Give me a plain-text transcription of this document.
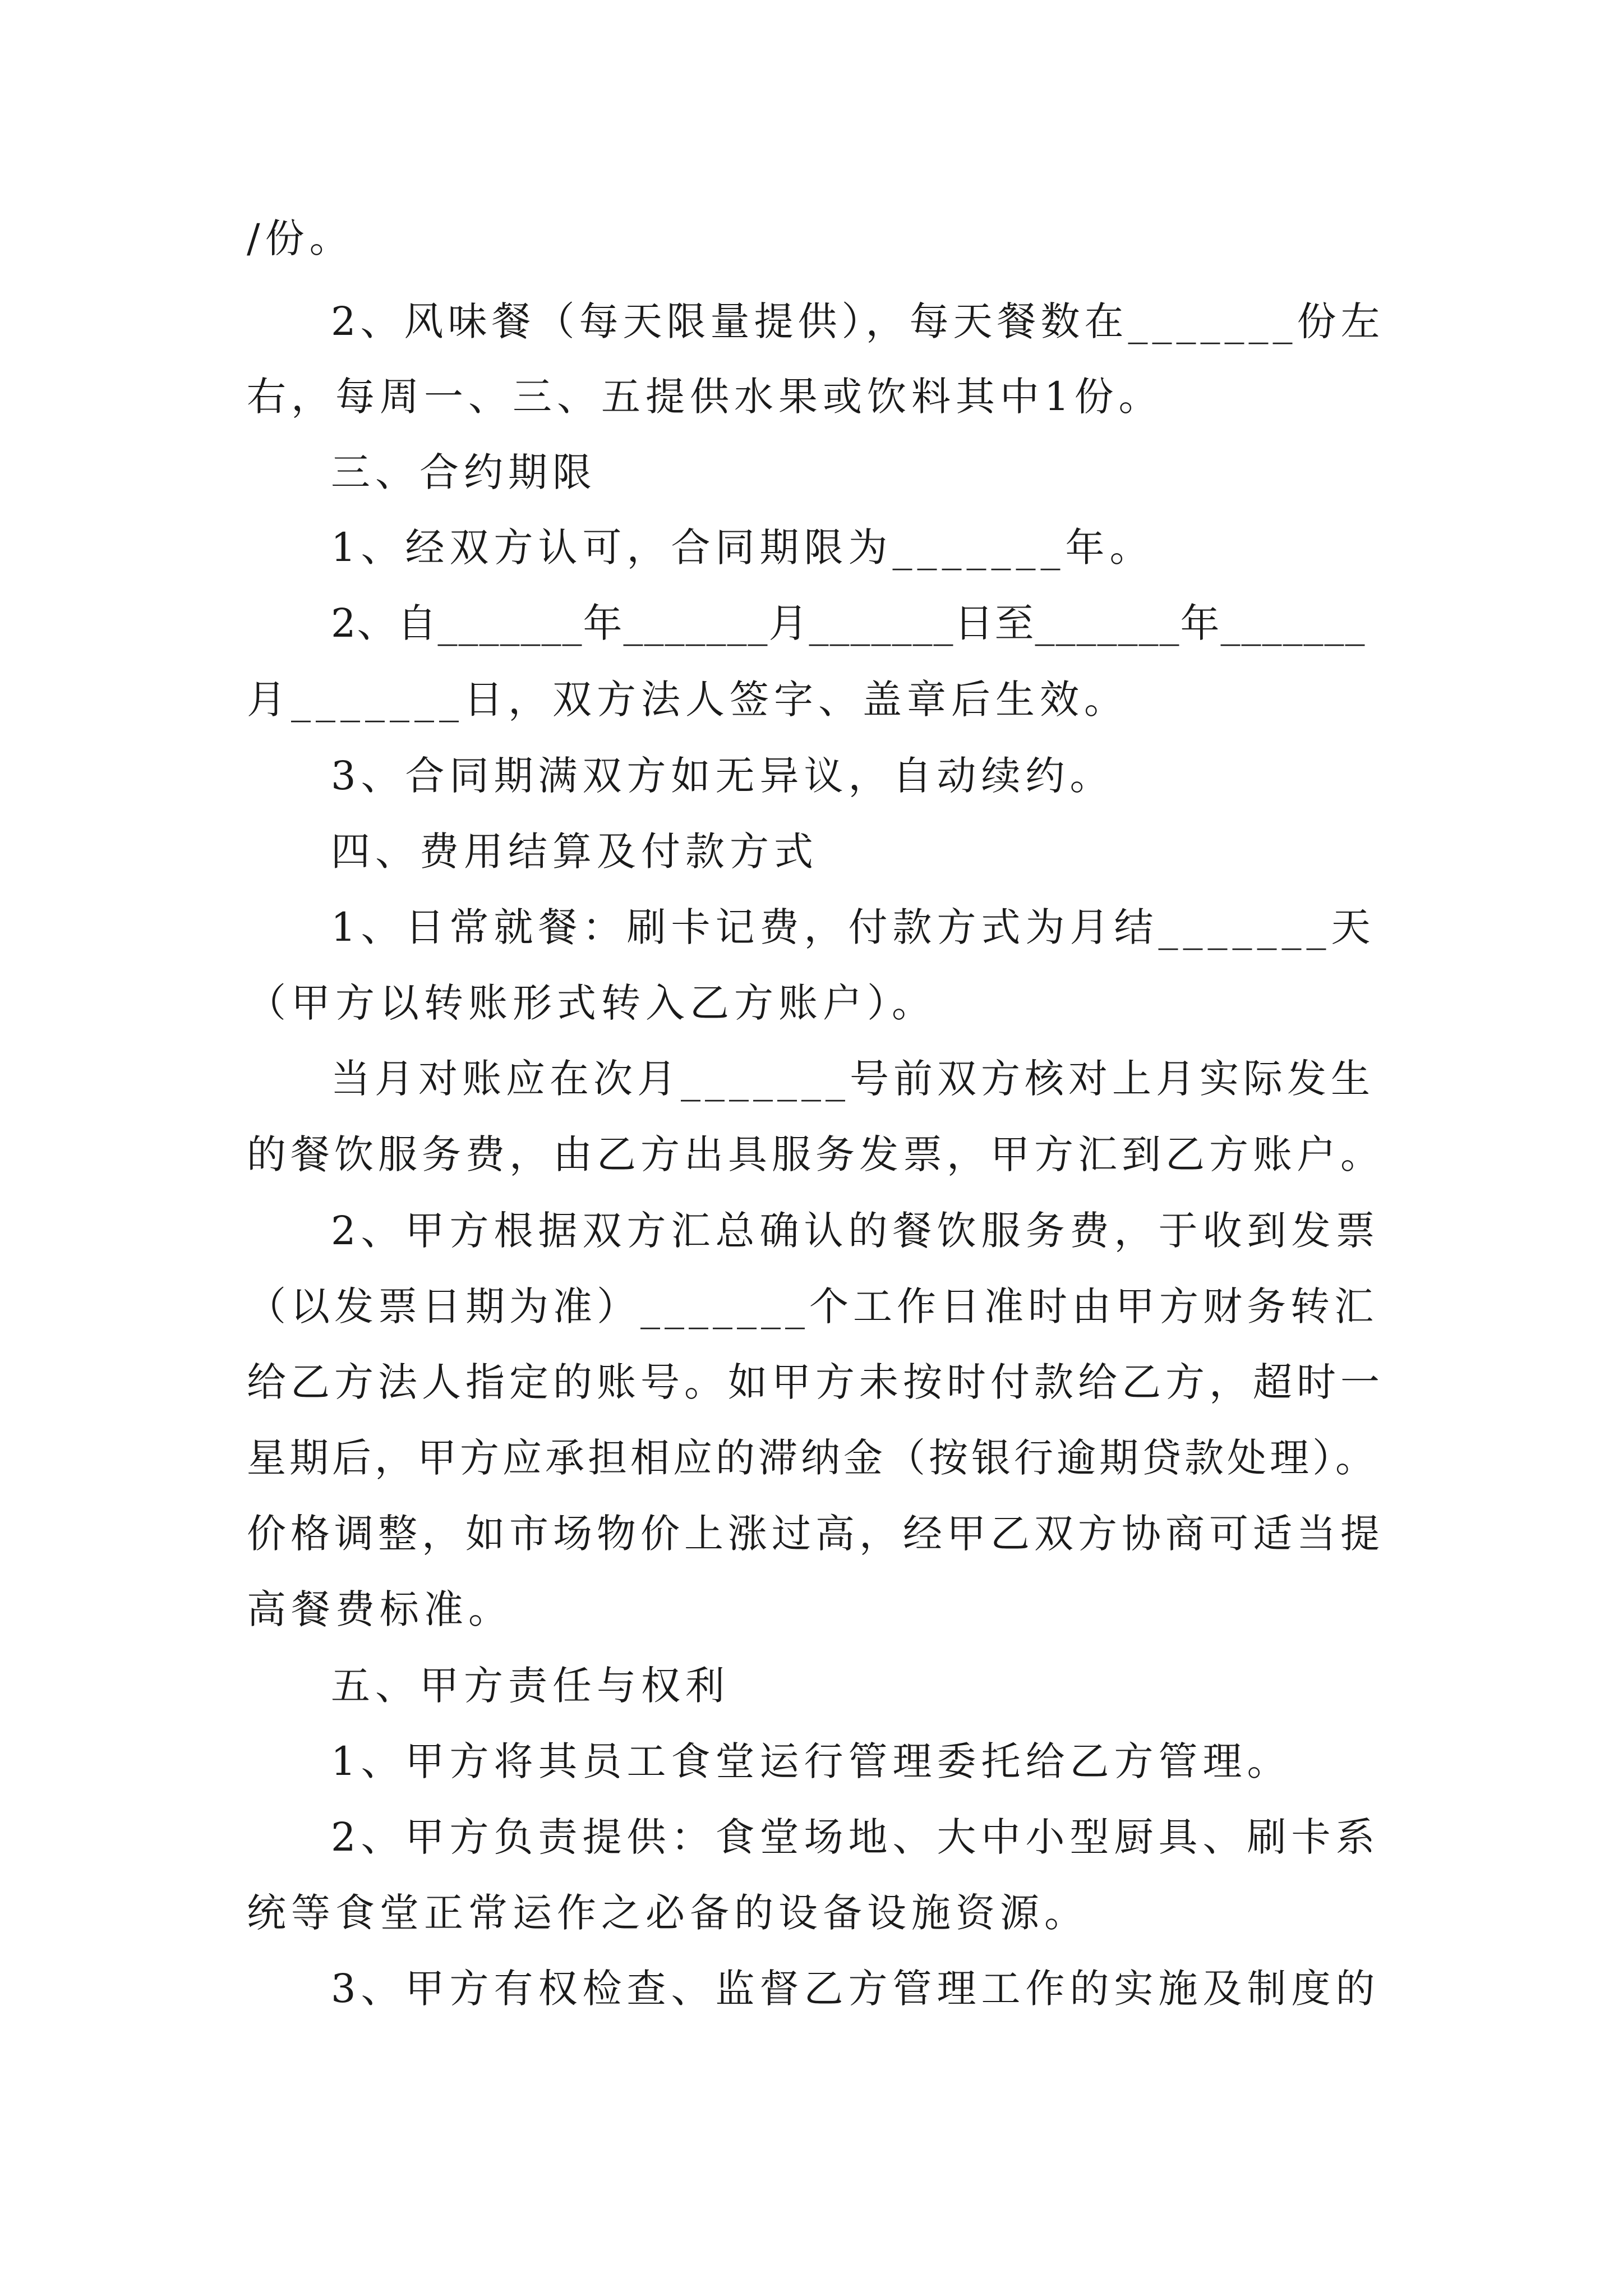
/份。
2、风味餐（每天限量提供），每天餐数在_______份左
右，每周一、三、五提供水果或饮料其中1份。
三、合约期限
1、经双方认可，合同期限为_______年。
2、自_______年_______月_______日至_______年_______
月_______日，双方法人签字、盖章后生效。
3、合同期满双方如无异议，自动续约。
四、费用结算及付款方式
1、日常就餐：刷卡记费，付款方式为月结_______天
（甲方以转账形式转入乙方账户）。
当月对账应在次月_______号前双方核对上月实际发生
的餐饮服务费，由乙方出具服务发票，甲方汇到乙方账户。
2、甲方根据双方汇总确认的餐饮服务费，于收到发票
（以发票日期为准）_______个工作日准时由甲方财务转汇
给乙方法人指定的账号。如甲方未按时付款给乙方，超时一
星期后，甲方应承担相应的滞纳金（按银行逾期贷款处理）。
价格调整，如市场物价上涨过高，经甲乙双方协商可适当提
高餐费标准。
五、甲方责任与权利
1、甲方将其员工食堂运行管理委托给乙方管理。
2、甲方负责提供：食堂场地、大中小型厨具、刷卡系
统等食堂正常运作之必备的设备设施资源。
3、甲方有权检查、监督乙方管理工作的实施及制度的
